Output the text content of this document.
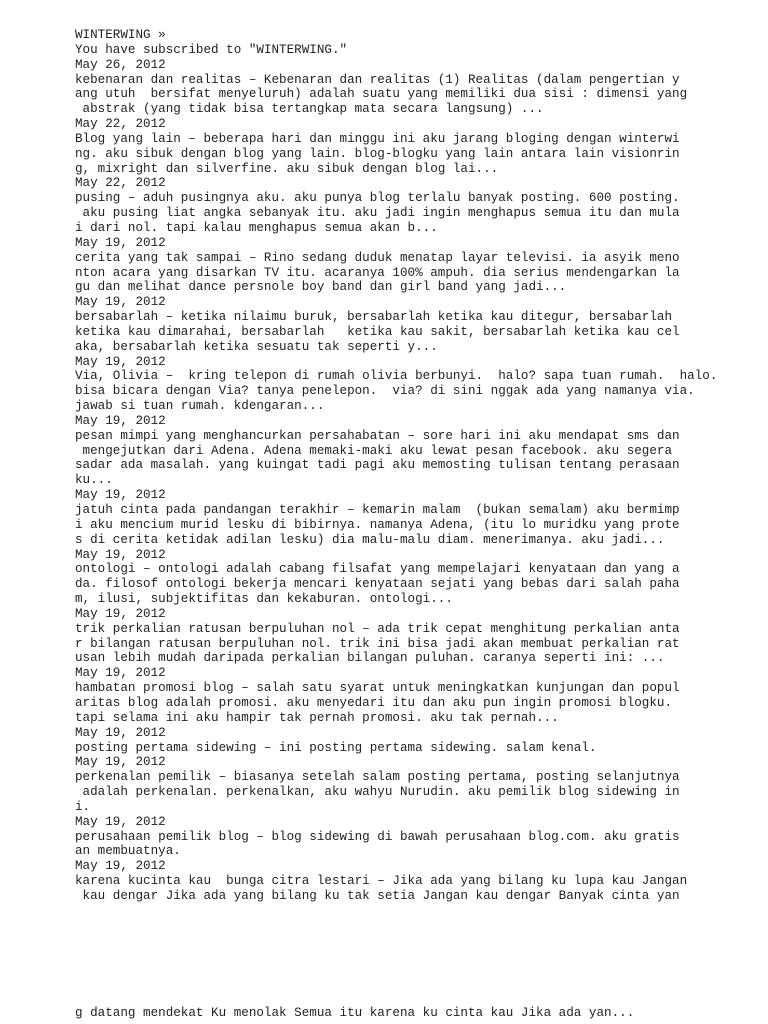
WINTERWING »
You have subscribed to "WINTERWING."
May 26, 2012
kebenaran dan realitas – Kebenaran dan realitas (1) Realitas (dalam pengertian y
ang utuh  bersifat menyeluruh) adalah suatu yang memiliki dua sisi : dimensi yang
abstrak (yang tidak bisa tertangkap mata secara langsung) ...
May 22, 2012
Blog yang lain – beberapa hari dan minggu ini aku jarang bloging dengan winterwi
ng. aku sibuk dengan blog yang lain. blog-blogku yang lain antara lain visionrin
g, mixright dan silverfine. aku sibuk dengan blog lai...
May 22, 2012
pusing – aduh pusingnya aku. aku punya blog terlalu banyak posting. 600 posting.
aku pusing liat angka sebanyak itu. aku jadi ingin menghapus semua itu dan mula
i dari nol. tapi kalau menghapus semua akan b...
May 19, 2012
cerita yang tak sampai – Rino sedang duduk menatap layar televisi. ia asyik meno
nton acara yang disarkan TV itu. acaranya 100% ampuh. dia serius mendengarkan la
gu dan melihat dance persnole boy band dan girl band yang jadi...
May 19, 2012
bersabarlah – ketika nilaimu buruk, bersabarlah ketika kau ditegur, bersabarlah
ketika kau dimarahai, bersabarlah   ketika kau sakit, bersabarlah ketika kau cel
aka, bersabarlah ketika sesuatu tak seperti y...
May 19, 2012
Via, Olivia –  kring telepon di rumah olivia berbunyi.  halo? sapa tuan rumah.  halo.
bisa bicara dengan Via? tanya penelepon.  via? di sini nggak ada yang namanya via.
jawab si tuan rumah. kdengaran...
May 19, 2012
pesan mimpi yang menghancurkan persahabatan – sore hari ini aku mendapat sms dan
mengejutkan dari Adena. Adena memaki-maki aku lewat pesan facebook. aku segera
sadar ada masalah. yang kuingat tadi pagi aku memosting tulisan tentang perasaan
ku...
May 19, 2012
jatuh cinta pada pandangan terakhir – kemarin malam  (bukan semalam) aku bermimp
i aku mencium murid lesku di bibirnya. namanya Adena, (itu lo muridku yang prote
s di cerita ketidak adilan lesku) dia malu-malu diam. menerimanya. aku jadi...
May 19, 2012
ontologi – ontologi adalah cabang filsafat yang mempelajari kenyataan dan yang a
da. filosof ontologi bekerja mencari kenyataan sejati yang bebas dari salah paha
m, ilusi, subjektifitas dan kekaburan. ontologi...
May 19, 2012
trik perkalian ratusan berpuluhan nol – ada trik cepat menghitung perkalian anta
r bilangan ratusan berpuluhan nol. trik ini bisa jadi akan membuat perkalian rat
usan lebih mudah daripada perkalian bilangan puluhan. caranya seperti ini: ...
May 19, 2012
hambatan promosi blog – salah satu syarat untuk meningkatkan kunjungan dan popul
aritas blog adalah promosi. aku menyedari itu dan aku pun ingin promosi blogku.
tapi selama ini aku hampir tak pernah promosi. aku tak pernah...
May 19, 2012
posting pertama sidewing – ini posting pertama sidewing. salam kenal.
May 19, 2012
perkenalan pemilik – biasanya setelah salam posting pertama, posting selanjutnya
adalah perkenalan. perkenalkan, aku wahyu Nurudin. aku pemilik blog sidewing in
i.
May 19, 2012
perusahaan pemilik blog – blog sidewing di bawah perusahaan blog.com. aku gratis
an membuatnya.
May 19, 2012
karena kucinta kau  bunga citra lestari – Jika ada yang bilang ku lupa kau Jangan
kau dengar Jika ada yang bilang ku tak setia Jangan kau dengar Banyak cinta yan
g datang mendekat Ku menolak Semua itu karena ku cinta kau Jika ada yan...
